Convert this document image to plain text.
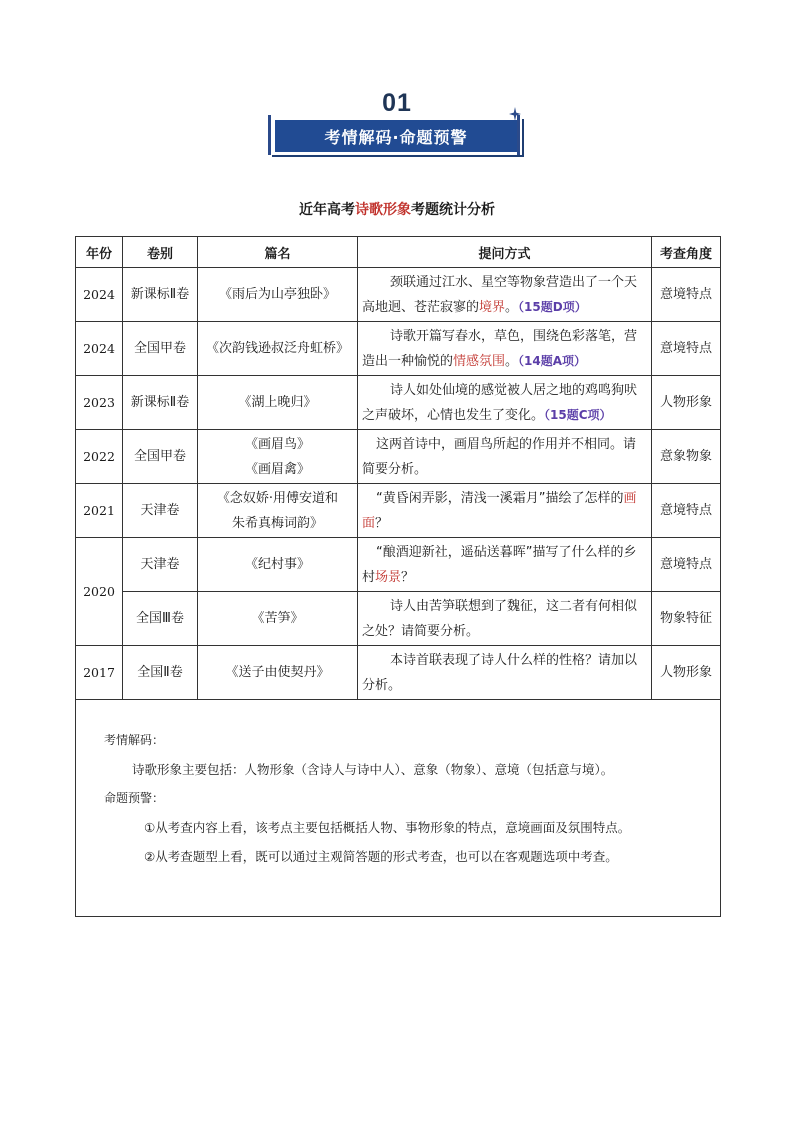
01
考情解码·命题预警
近年高考诗歌形象考题统计分析
年份	卷别	篇名	提问方式	考查角度
2024	新课标Ⅱ卷	《雨后为山亭独卧》	颈联通过江水、星空等物象营造出了一个天高地迥、苍茫寂寥的境界。（15题D项）	意境特点
2024	全国甲卷	《次韵钱逊叔泛舟虹桥》	诗歌开篇写春水，草色，围绕色彩落笔，营造出一种愉悦的情感氛围。（14题A项）	意境特点
2023	新课标Ⅱ卷	《湖上晚归》	诗人如处仙境的感觉被人居之地的鸡鸣狗吠之声破坏，心情也发生了变化。（15题C项）	人物形象
2022	全国甲卷	《画眉鸟》
《画眉禽》	这两首诗中，画眉鸟所起的作用并不相同。请简要分析。	意象物象
2021	天津卷	《念奴娇·用傅安道和
朱希真梅词韵》	“黄昏闲弄影，清浅一溪霜月”描绘了怎样的画面？	意境特点
2020	天津卷	《纪村事》	“酿酒迎新社，遥砧送暮晖”描写了什么样的乡村场景？	意境特点
	全国Ⅲ卷	《苦笋》	诗人由苦笋联想到了魏征，这二者有何相似之处？请简要分析。	物象特征
2017	全国Ⅱ卷	《送子由使契丹》	本诗首联表现了诗人什么样的性格？请加以分析。	人物形象

考情解码：
诗歌形象主要包括：人物形象（含诗人与诗中人）、意象（物象）、意境（包括意与境）。
命题预警：
①从考查内容上看，该考点主要包括概括人物、事物形象的特点，意境画面及氛围特点。
②从考查题型上看，既可以通过主观简答题的形式考查，也可以在客观题选项中考查。				
